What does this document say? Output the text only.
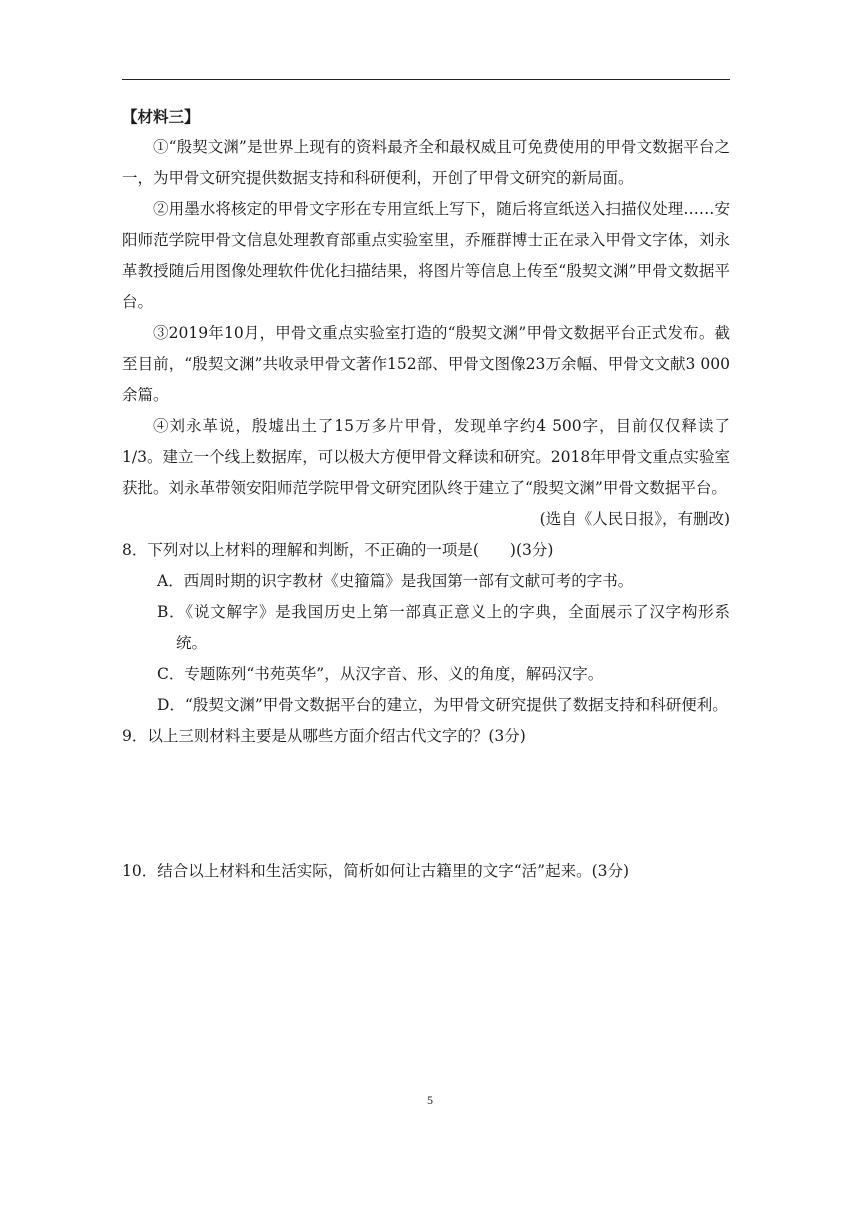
【材料三】

①“殷契文渊”是世界上现有的资料最齐全和最权威且可免费使用的甲骨文数据平台之一，为甲骨文研究提供数据支持和科研便利，开创了甲骨文研究的新局面。

②用墨水将核定的甲骨文字形在专用宣纸上写下，随后将宣纸送入扫描仪处理……安阳师范学院甲骨文信息处理教育部重点实验室里，乔雁群博士正在录入甲骨文字体，刘永革教授随后用图像处理软件优化扫描结果，将图片等信息上传至“殷契文渊”甲骨文数据平台。

③2019年10月，甲骨文重点实验室打造的“殷契文渊”甲骨文数据平台正式发布。截至目前，“殷契文渊”共收录甲骨文著作152部、甲骨文图像23万余幅、甲骨文文献3 000余篇。

④刘永革说，殷墟出土了15万多片甲骨，发现单字约4 500字，目前仅仅释读了1/3。建立一个线上数据库，可以极大方便甲骨文释读和研究。2018年甲骨文重点实验室获批。刘永革带领安阳师范学院甲骨文研究团队终于建立了“殷契文渊”甲骨文数据平台。

(选自《人民日报》，有删改)

8．下列对以上材料的理解和判断，不正确的一项是(　　)(3分)

A．西周时期的识字教材《史籀篇》是我国第一部有文献可考的字书。

B．《说文解字》是我国历史上第一部真正意义上的字典，全面展示了汉字构形系统。

C．专题陈列“书苑英华”，从汉字音、形、义的角度，解码汉字。

D．“殷契文渊”甲骨文数据平台的建立，为甲骨文研究提供了数据支持和科研便利。

9．以上三则材料主要是从哪些方面介绍古代文字的？(3分)

10．结合以上材料和生活实际，简析如何让古籍里的文字“活”起来。(3分)

5
